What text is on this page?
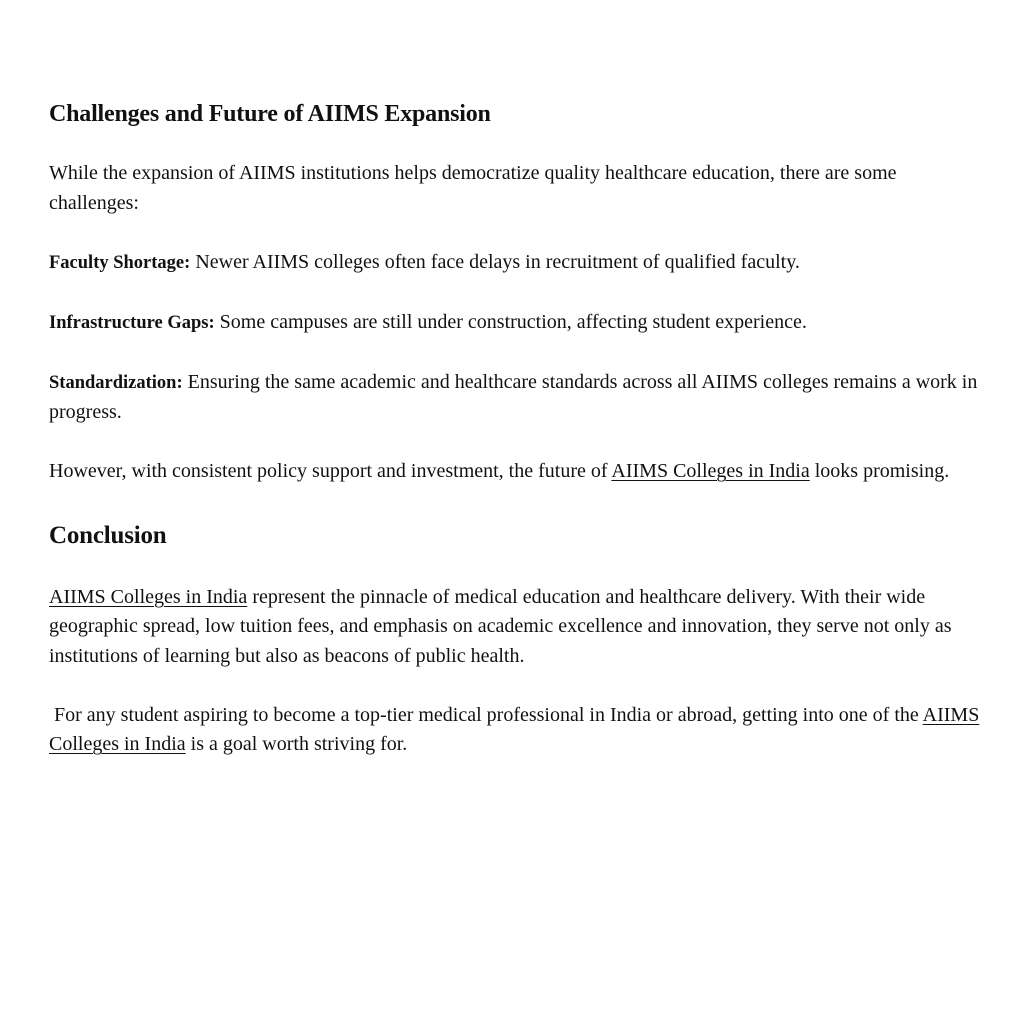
Challenges and Future of AIIMS Expansion

While the expansion of AIIMS institutions helps democratize quality healthcare education, there are some challenges:

Faculty Shortage: Newer AIIMS colleges often face delays in recruitment of qualified faculty.

Infrastructure Gaps: Some campuses are still under construction, affecting student experience.

Standardization: Ensuring the same academic and healthcare standards across all AIIMS colleges remains a work in progress.

However, with consistent policy support and investment, the future of AIIMS Colleges in India looks promising.

Conclusion

AIIMS Colleges in India represent the pinnacle of medical education and healthcare delivery. With their wide geographic spread, low tuition fees, and emphasis on academic excellence and innovation, they serve not only as institutions of learning but also as beacons of public health.

For any student aspiring to become a top-tier medical professional in India or abroad, getting into one of the AIIMS Colleges in India is a goal worth striving for.
